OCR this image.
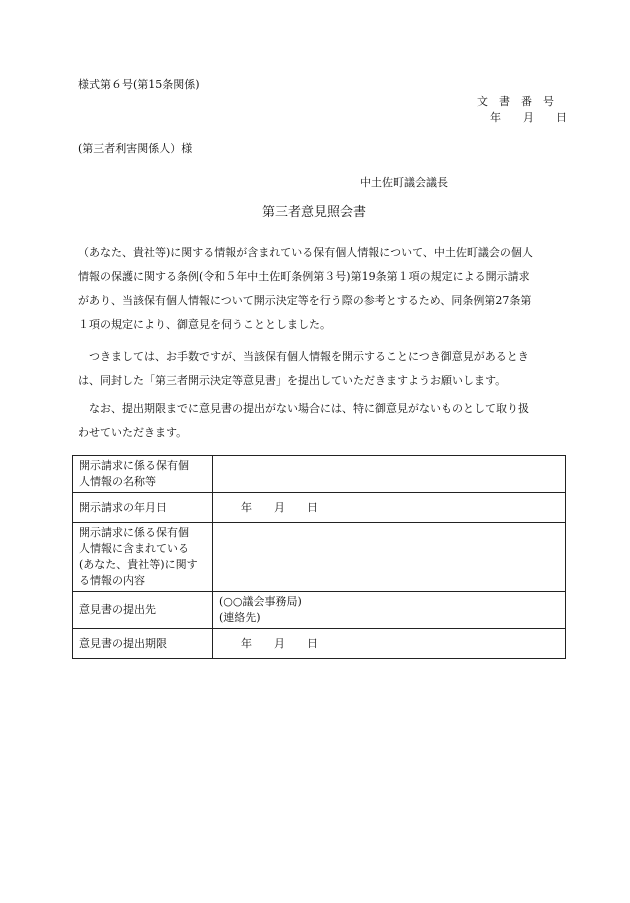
様式第６号(第15条関係)
文　書　番　号
年　　月　　日
(第三者利害関係人）様
中土佐町議会議長
第三者意見照会書
（あなた、貴社等)に関する情報が含まれている保有個人情報について、中土佐町議会の個人
情報の保護に関する条例(令和５年中土佐町条例第３号)第19条第１項の規定による開示請求
があり、当該保有個人情報について開示決定等を行う際の参考とするため、同条例第27条第
１項の規定により、御意見を伺うこととしました。
つきましては、お手数ですが、当該保有個人情報を開示することにつき御意見があるとき
は、同封した「第三者開示決定等意見書」を提出していただきますようお願いします。
なお、提出期限までに意見書の提出がない場合には、特に御意見がないものとして取り扱
わせていただきます。
開示請求に係る保有個
人情報の名称等	

開示請求の年月日	年　　月　　日

開示請求に係る保有個
人情報に含まれている
(あなた、貴社等)に関す
る情報の内容	

意見書の提出先	(○○議会事務局)
(連絡先)

意見書の提出期限	年　　月　　日
